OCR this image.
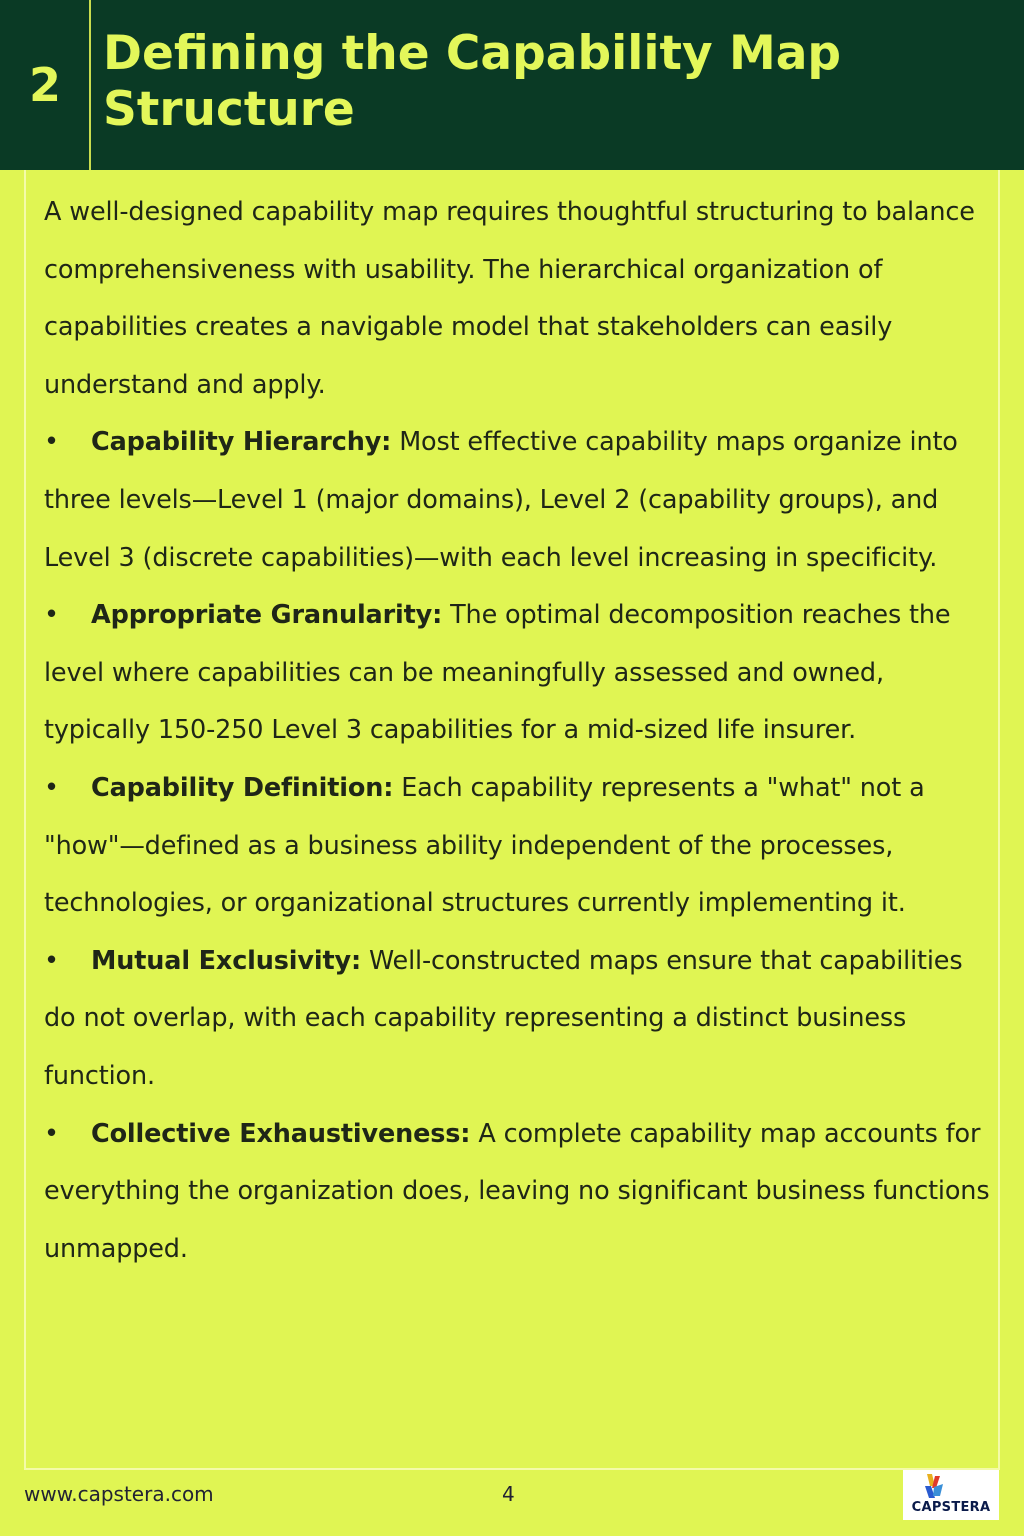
2
Defining the Capability Map Structure

A well-designed capability map requires thoughtful structuring to balance comprehensiveness with usability. The hierarchical organization of capabilities creates a navigable model that stakeholders can easily understand and apply.

• Capability Hierarchy: Most effective capability maps organize into three levels—Level 1 (major domains), Level 2 (capability groups), and Level 3 (discrete capabilities)—with each level increasing in specificity.

• Appropriate Granularity: The optimal decomposition reaches the level where capabilities can be meaningfully assessed and owned, typically 150-250 Level 3 capabilities for a mid-sized life insurer.

• Capability Definition: Each capability represents a "what" not a "how"—defined as a business ability independent of the processes, technologies, or organizational structures currently implementing it.

• Mutual Exclusivity: Well-constructed maps ensure that capabilities do not overlap, with each capability representing a distinct business function.

• Collective Exhaustiveness: A complete capability map accounts for everything the organization does, leaving no significant business functions unmapped.

www.capstera.com	4
CAPSTERA
